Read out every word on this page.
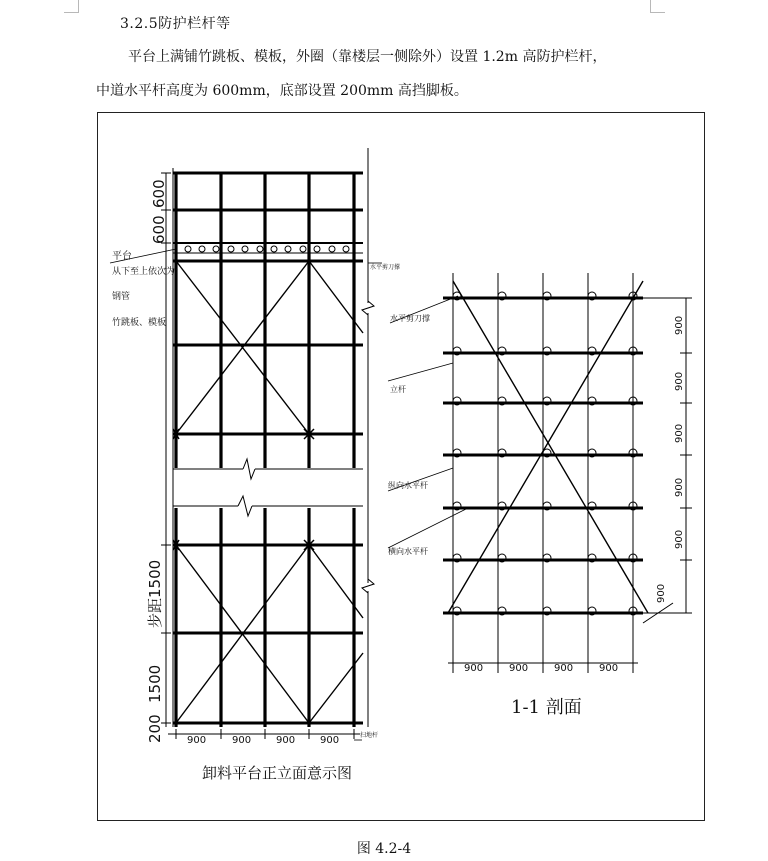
3.2.5防护栏杆等
平台上满铺竹跳板、模板，外圈（靠楼层一侧除外）设置 1.2m 高防护栏杆，
中道水平杆高度为 600mm，底部设置 200mm 高挡脚板。
600
600
步距1500
1500
200
平台
从下至上依次为：
钢管
竹跳板、模板
水平剪刀撑
900	900 900 900	扫地杆
卸料平台正立面意示图
水平剪刀撑
立杆
纵向水平杆
横向水平杆
900
900
900
900
900
900
900	900	900	900
1-1 剖面
图 4.2-4
